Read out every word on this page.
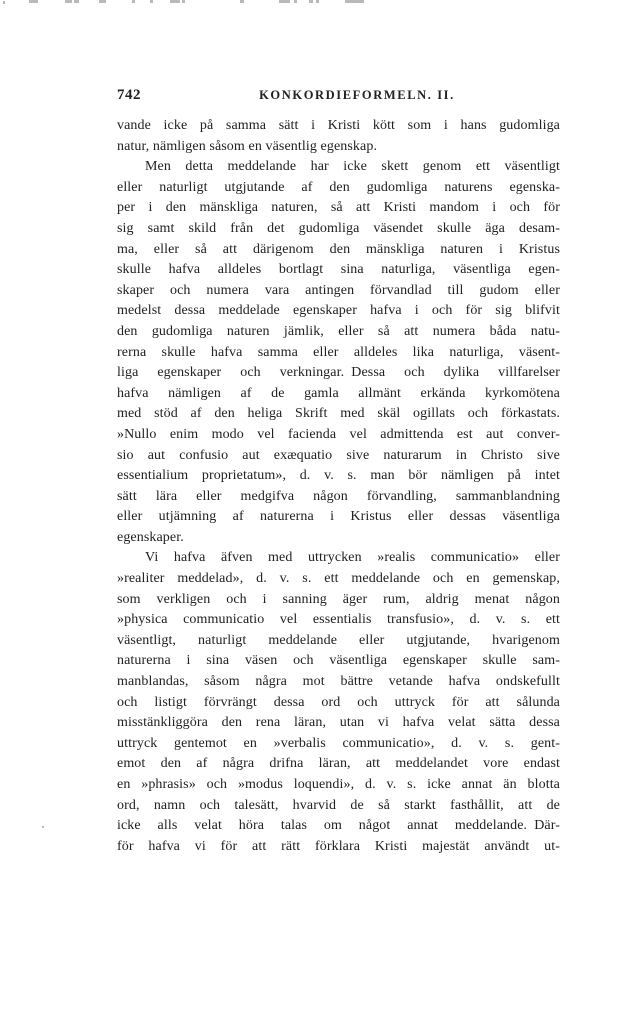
742	KONKORDIEFORMELN. II.
vande icke på samma sätt i Kristi kött som i hans gudomliga
natur, nämligen såsom en väsentlig egenskap.
Men detta meddelande har icke skett genom ett väsentligt
eller naturligt utgjutande af den gudomliga naturens egenska-
per i den mänskliga naturen, så att Kristi mandom i och för
sig samt skild från det gudomliga väsendet skulle äga desam-
ma, eller så att därigenom den mänskliga naturen i Kristus
skulle hafva alldeles bortlagt sina naturliga, väsentliga egen-
skaper och numera vara antingen förvandlad till gudom eller
medelst dessa meddelade egenskaper hafva i och för sig blifvit
den gudomliga naturen jämlik, eller så att numera båda natu-
rerna skulle hafva samma eller alldeles lika naturliga, väsent-
liga egenskaper och verkningar. Dessa och dylika villfarelser
hafva nämligen af de gamla allmänt erkända kyrkomötena
med stöd af den heliga Skrift med skäl ogillats och förkastats.
»Nullo enim modo vel facienda vel admittenda est aut conver-
sio aut confusio aut exæquatio sive naturarum in Christo sive
essentialium proprietatum», d. v. s. man bör nämligen på intet
sätt lära eller medgifva någon förvandling, sammanblandning
eller utjämning af naturerna i Kristus eller dessas väsentliga
egenskaper.
Vi hafva äfven med uttrycken »realis communicatio» eller
»realiter meddelad», d. v. s. ett meddelande och en gemenskap,
som verkligen och i sanning äger rum, aldrig menat någon
»physica communicatio vel essentialis transfusio», d. v. s. ett
väsentligt, naturligt meddelande eller utgjutande, hvarigenom
naturerna i sina väsen och väsentliga egenskaper skulle sam-
manblandas, såsom några mot bättre vetande hafva ondskefullt
och listigt förvrängt dessa ord och uttryck för att sålunda
misstänkliggöra den rena läran, utan vi hafva velat sätta dessa
uttryck gentemot en »verbalis communicatio», d. v. s. gent-
emot den af några drifna läran, att meddelandet vore endast
en »phrasis» och »modus loquendi», d. v. s. icke annat än blotta
ord, namn och talesätt, hvarvid de så starkt fasthållit, att de
icke alls velat höra talas om något annat meddelande. Där-
för hafva vi för att rätt förklara Kristi majestät användt ut-
